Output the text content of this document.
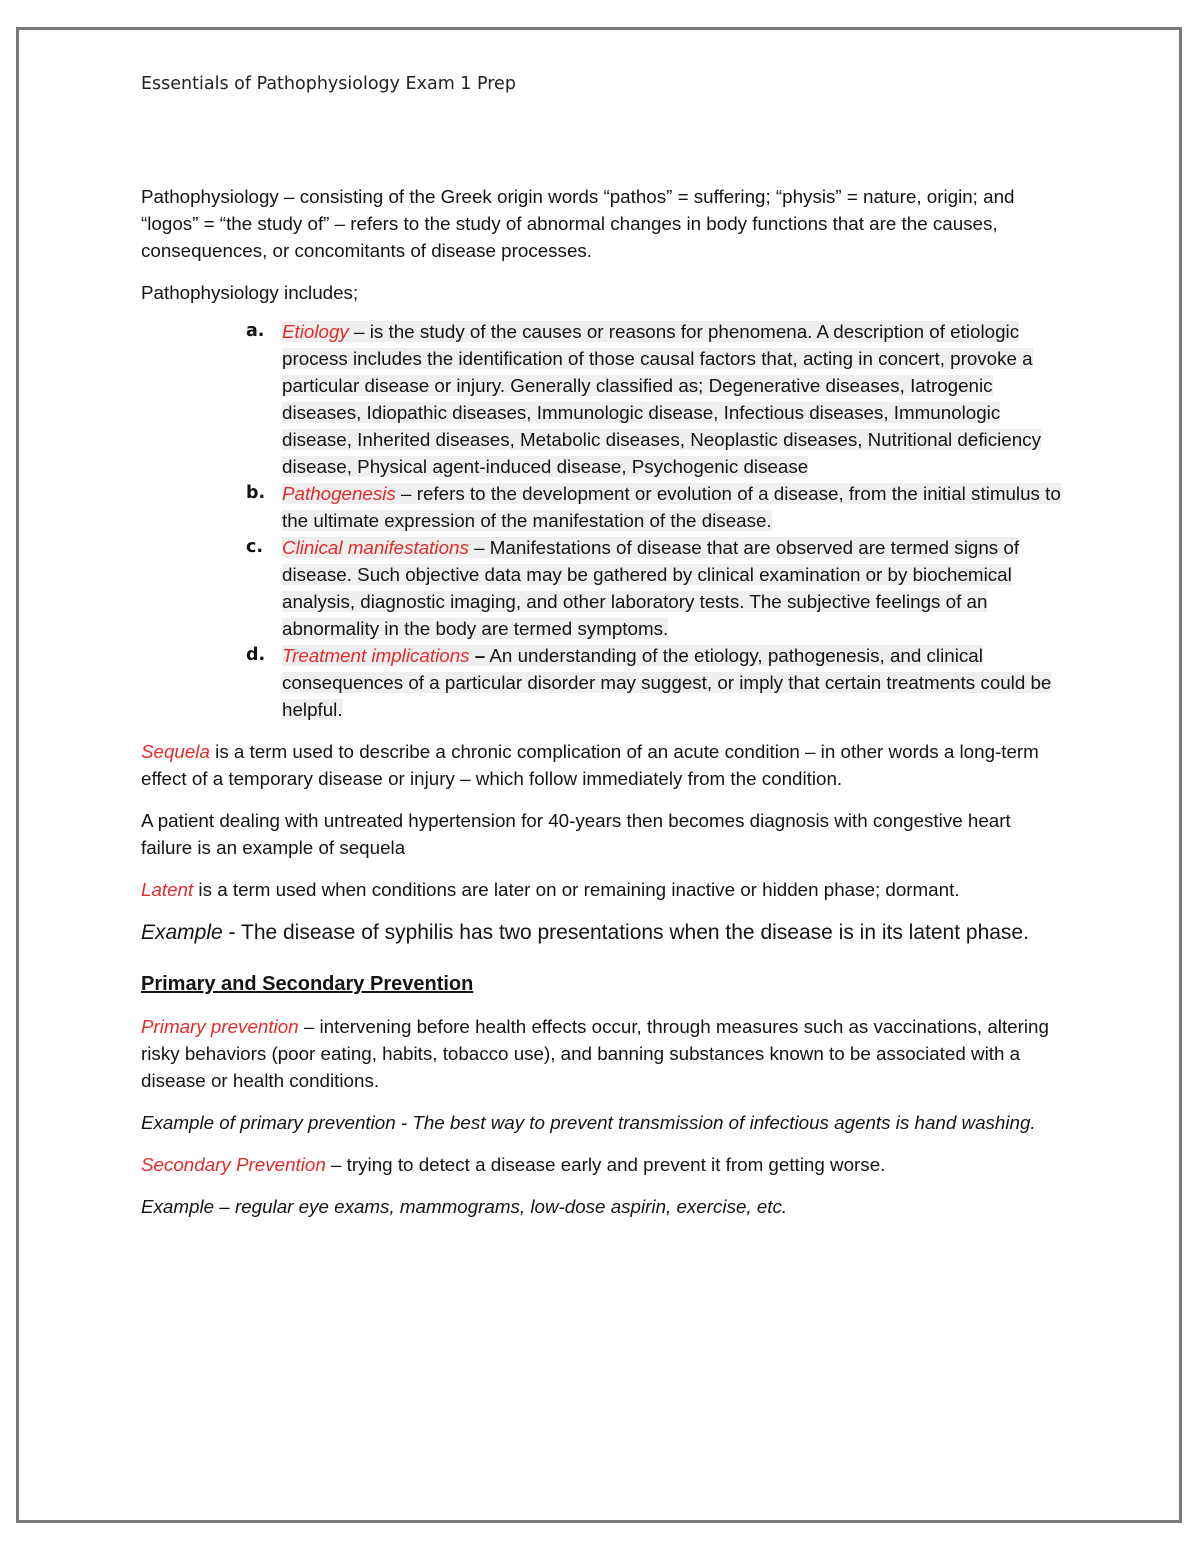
Essentials of Pathophysiology Exam 1 Prep

Pathophysiology – consisting of the Greek origin words “pathos” = suffering; “physis” = nature, origin; and “logos” = “the study of” – refers to the study of abnormal changes in body functions that are the causes, consequences, or concomitants of disease processes.

Pathophysiology includes;

a. Etiology – is the study of the causes or reasons for phenomena. A description of etiologic process includes the identification of those causal factors that, acting in concert, provoke a particular disease or injury. Generally classified as; Degenerative diseases, Iatrogenic diseases, Idiopathic diseases, Immunologic disease, Infectious diseases, Immunologic disease, Inherited diseases, Metabolic diseases, Neoplastic diseases, Nutritional deficiency disease, Physical agent-induced disease, Psychogenic disease
b. Pathogenesis – refers to the development or evolution of a disease, from the initial stimulus to the ultimate expression of the manifestation of the disease.
c. Clinical manifestations – Manifestations of disease that are observed are termed signs of disease. Such objective data may be gathered by clinical examination or by biochemical analysis, diagnostic imaging, and other laboratory tests. The subjective feelings of an abnormality in the body are termed symptoms.
d. Treatment implications – An understanding of the etiology, pathogenesis, and clinical consequences of a particular disorder may suggest, or imply that certain treatments could be helpful.

Sequela is a term used to describe a chronic complication of an acute condition – in other words a long-term effect of a temporary disease or injury – which follow immediately from the condition.

A patient dealing with untreated hypertension for 40-years then becomes diagnosis with congestive heart failure is an example of sequela

Latent is a term used when conditions are later on or remaining inactive or hidden phase; dormant.

Example - The disease of syphilis has two presentations when the disease is in its latent phase.

Primary and Secondary Prevention

Primary prevention – intervening before health effects occur, through measures such as vaccinations, altering risky behaviors (poor eating, habits, tobacco use), and banning substances known to be associated with a disease or health conditions.

Example of primary prevention - The best way to prevent transmission of infectious agents is hand washing.

Secondary Prevention – trying to detect a disease early and prevent it from getting worse.

Example – regular eye exams, mammograms, low-dose aspirin, exercise, etc.
